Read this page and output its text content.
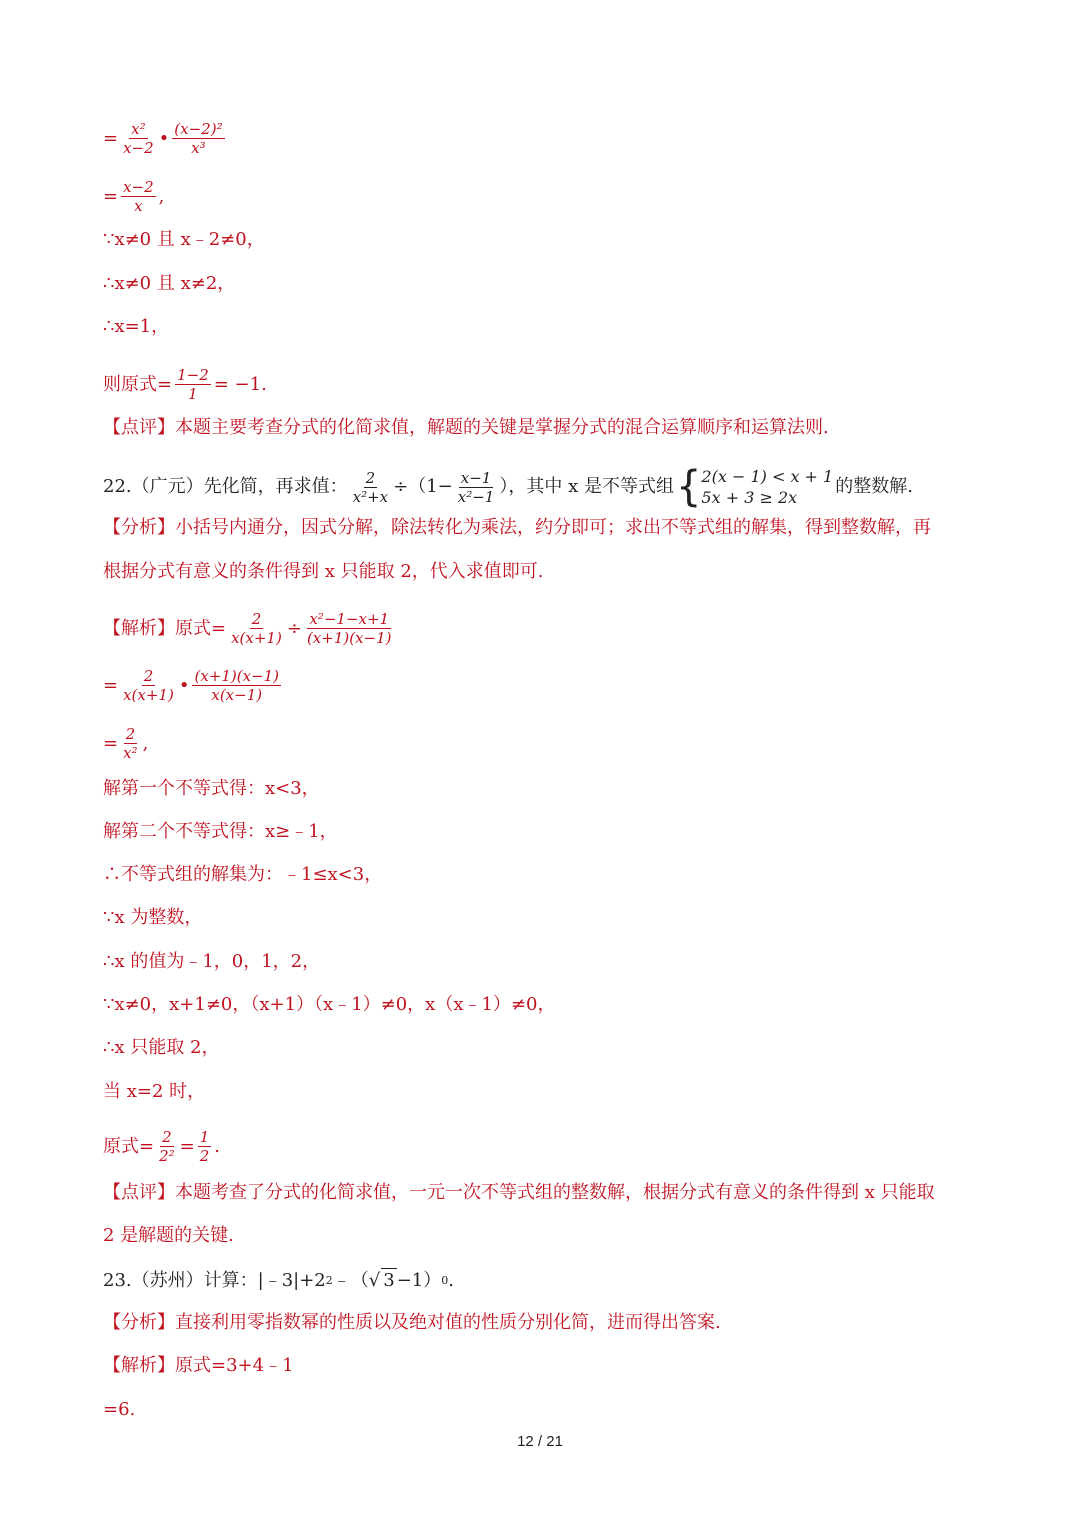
= $\frac{\text{x²}}{x-2}$ • $\frac{\text{(x−2)²}}{\text{x³}}$
= $\frac{x-2}{x}$ ,
∵x≠0 且 x﹣2≠0，
∴x≠0 且 x≠2，
∴x=1，
则原式= $\frac{1-2}{1} = -1$.
【点评】本题主要考查分式的化简求值，解题的关键是掌握分式的混合运算顺序和运算法则.
22.（广元）先化简，再求值： $\frac{2}{\text{x²+x}} \div(1- \frac{x-1}{\text{x²−1}}$ ），其中 x 是不等式组 { 2(x − 1) < x + 1
5x + 3 ≥ 2x
的整数解.
【分析】小括号内通分，因式分解，除法转化为乘法，约分即可；求出不等式组的解集，得到整数解，再
根据分式有意义的条件得到 x 只能取 2，代入求值即可.
【解析】原式= $\frac{2}{x(x+1)} \div \frac{\text{x²−1−x+1}}{(x+1)(x-1)}$
= $\frac{2}{x(x+1)}$ • $\frac{(x+1)(x-1)}{x(x-1)}$
= $\frac{2}{\text{x²}}$ ,
解第一个不等式得：x<3，
解第二个不等式得：x≥﹣1，
∴不等式组的解集为：﹣1≤x<3，
∵x 为整数，
∴x 的值为﹣1，0，1，2，
∵x≠0，x+1≠0，（x+1）（x﹣1）≠0，x（x﹣1）≠0，
∴x 只能取 2，
当 x=2 时，
原式= $\frac{2}{\text{2²}} = \frac{1}{2}$ .
【点评】本题考查了分式的化简求值，一元一次不等式组的整数解，根据分式有意义的条件得到 x 只能取
2 是解题的关键.
23.（苏州）计算：|﹣3|+2 2 ﹣（ √ 3 −1） 0 .
【分析】直接利用零指数幂的性质以及绝对值的性质分别化简，进而得出答案.
【解析】原式=3+4﹣1
=6.
12 / 21
